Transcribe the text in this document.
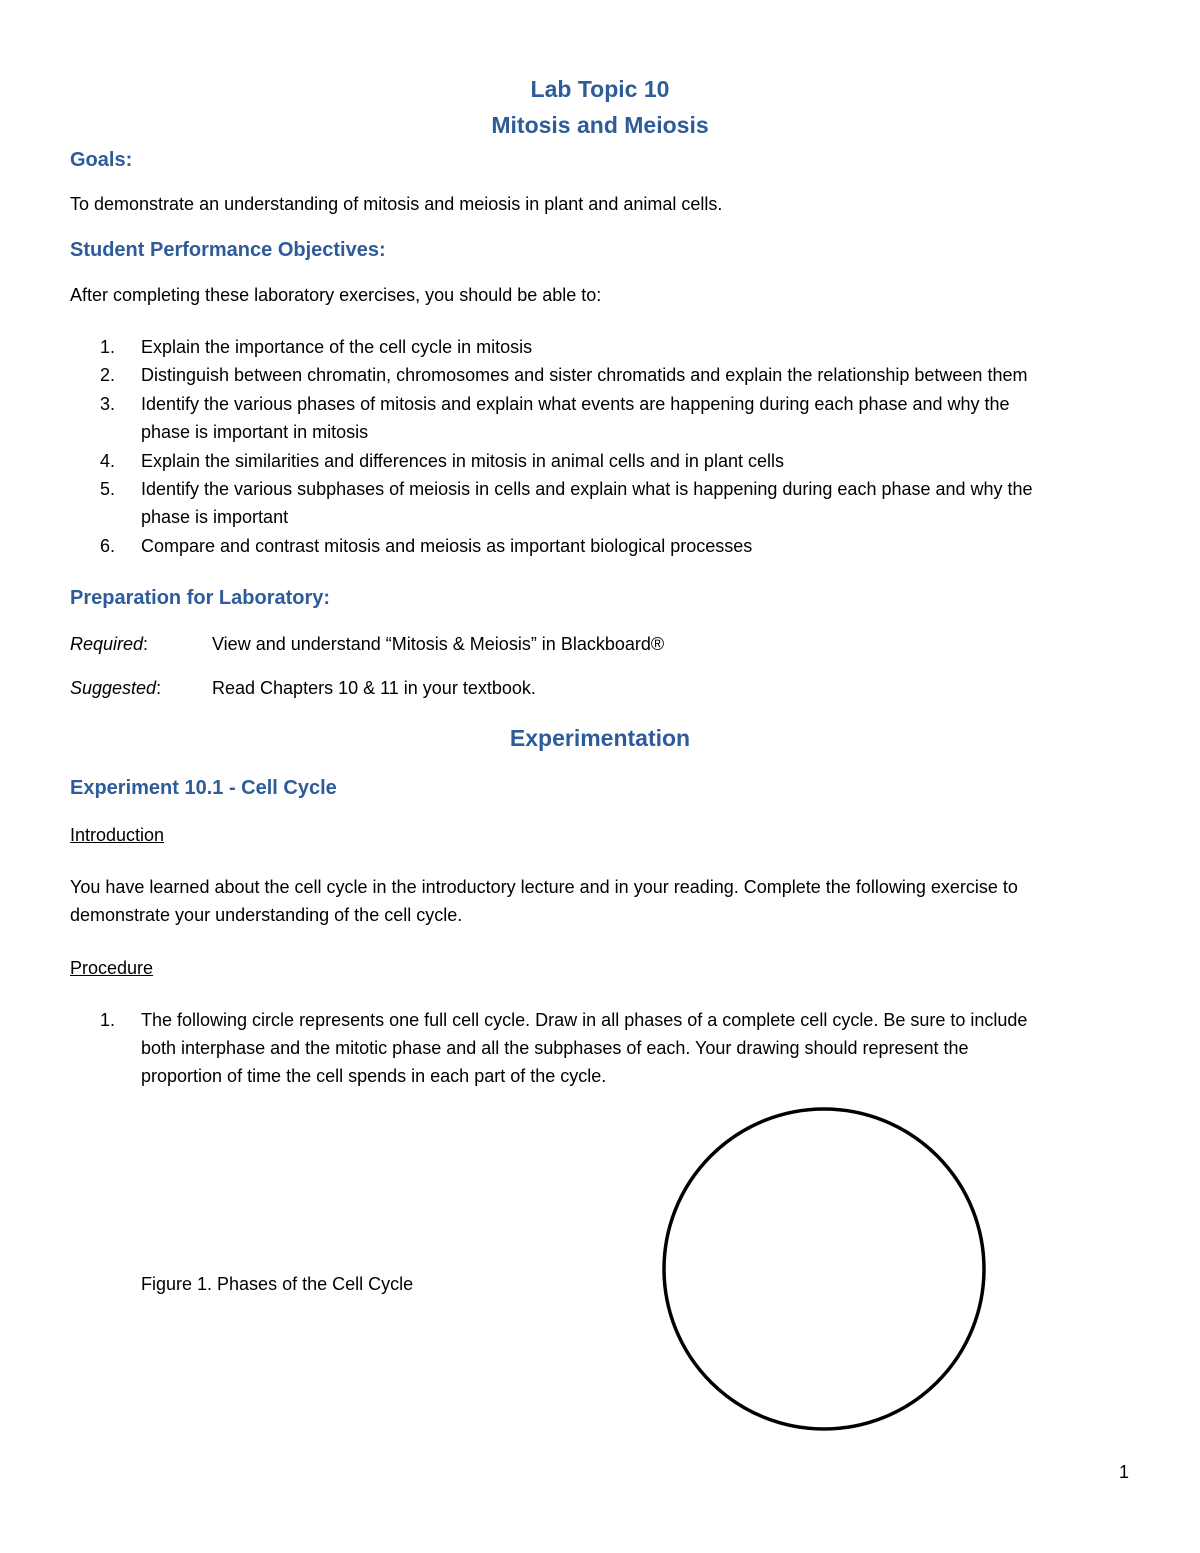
Lab Topic 10
Mitosis and Meiosis
Goals:
To demonstrate an understanding of mitosis and meiosis in plant and animal cells.
Student Performance Objectives:
After completing these laboratory exercises, you should be able to:
1. Explain the importance of the cell cycle in mitosis
2. Distinguish between chromatin, chromosomes and sister chromatids and explain the relationship between them
3. Identify the various phases of mitosis and explain what events are happening during each phase and why the
phase is important in mitosis
4. Explain the similarities and differences in mitosis in animal cells and in plant cells
5. Identify the various subphases of meiosis in cells and explain what is happening during each phase and why the
phase is important
6. Compare and contrast mitosis and meiosis as important biological processes
Preparation for Laboratory:
Required:	View and understand “Mitosis & Meiosis” in Blackboard®
Suggested:	Read Chapters 10 & 11 in your textbook.
Experimentation
Experiment 10.1 - Cell Cycle
Introduction
You have learned about the cell cycle in the introductory lecture and in your reading. Complete the following exercise to
demonstrate your understanding of the cell cycle.
Procedure
1. The following circle represents one full cell cycle. Draw in all phases of a complete cell cycle. Be sure to include
both interphase and the mitotic phase and all the subphases of each. Your drawing should represent the
proportion of time the cell spends in each part of the cycle.
Figure 1. Phases of the Cell Cycle
1
